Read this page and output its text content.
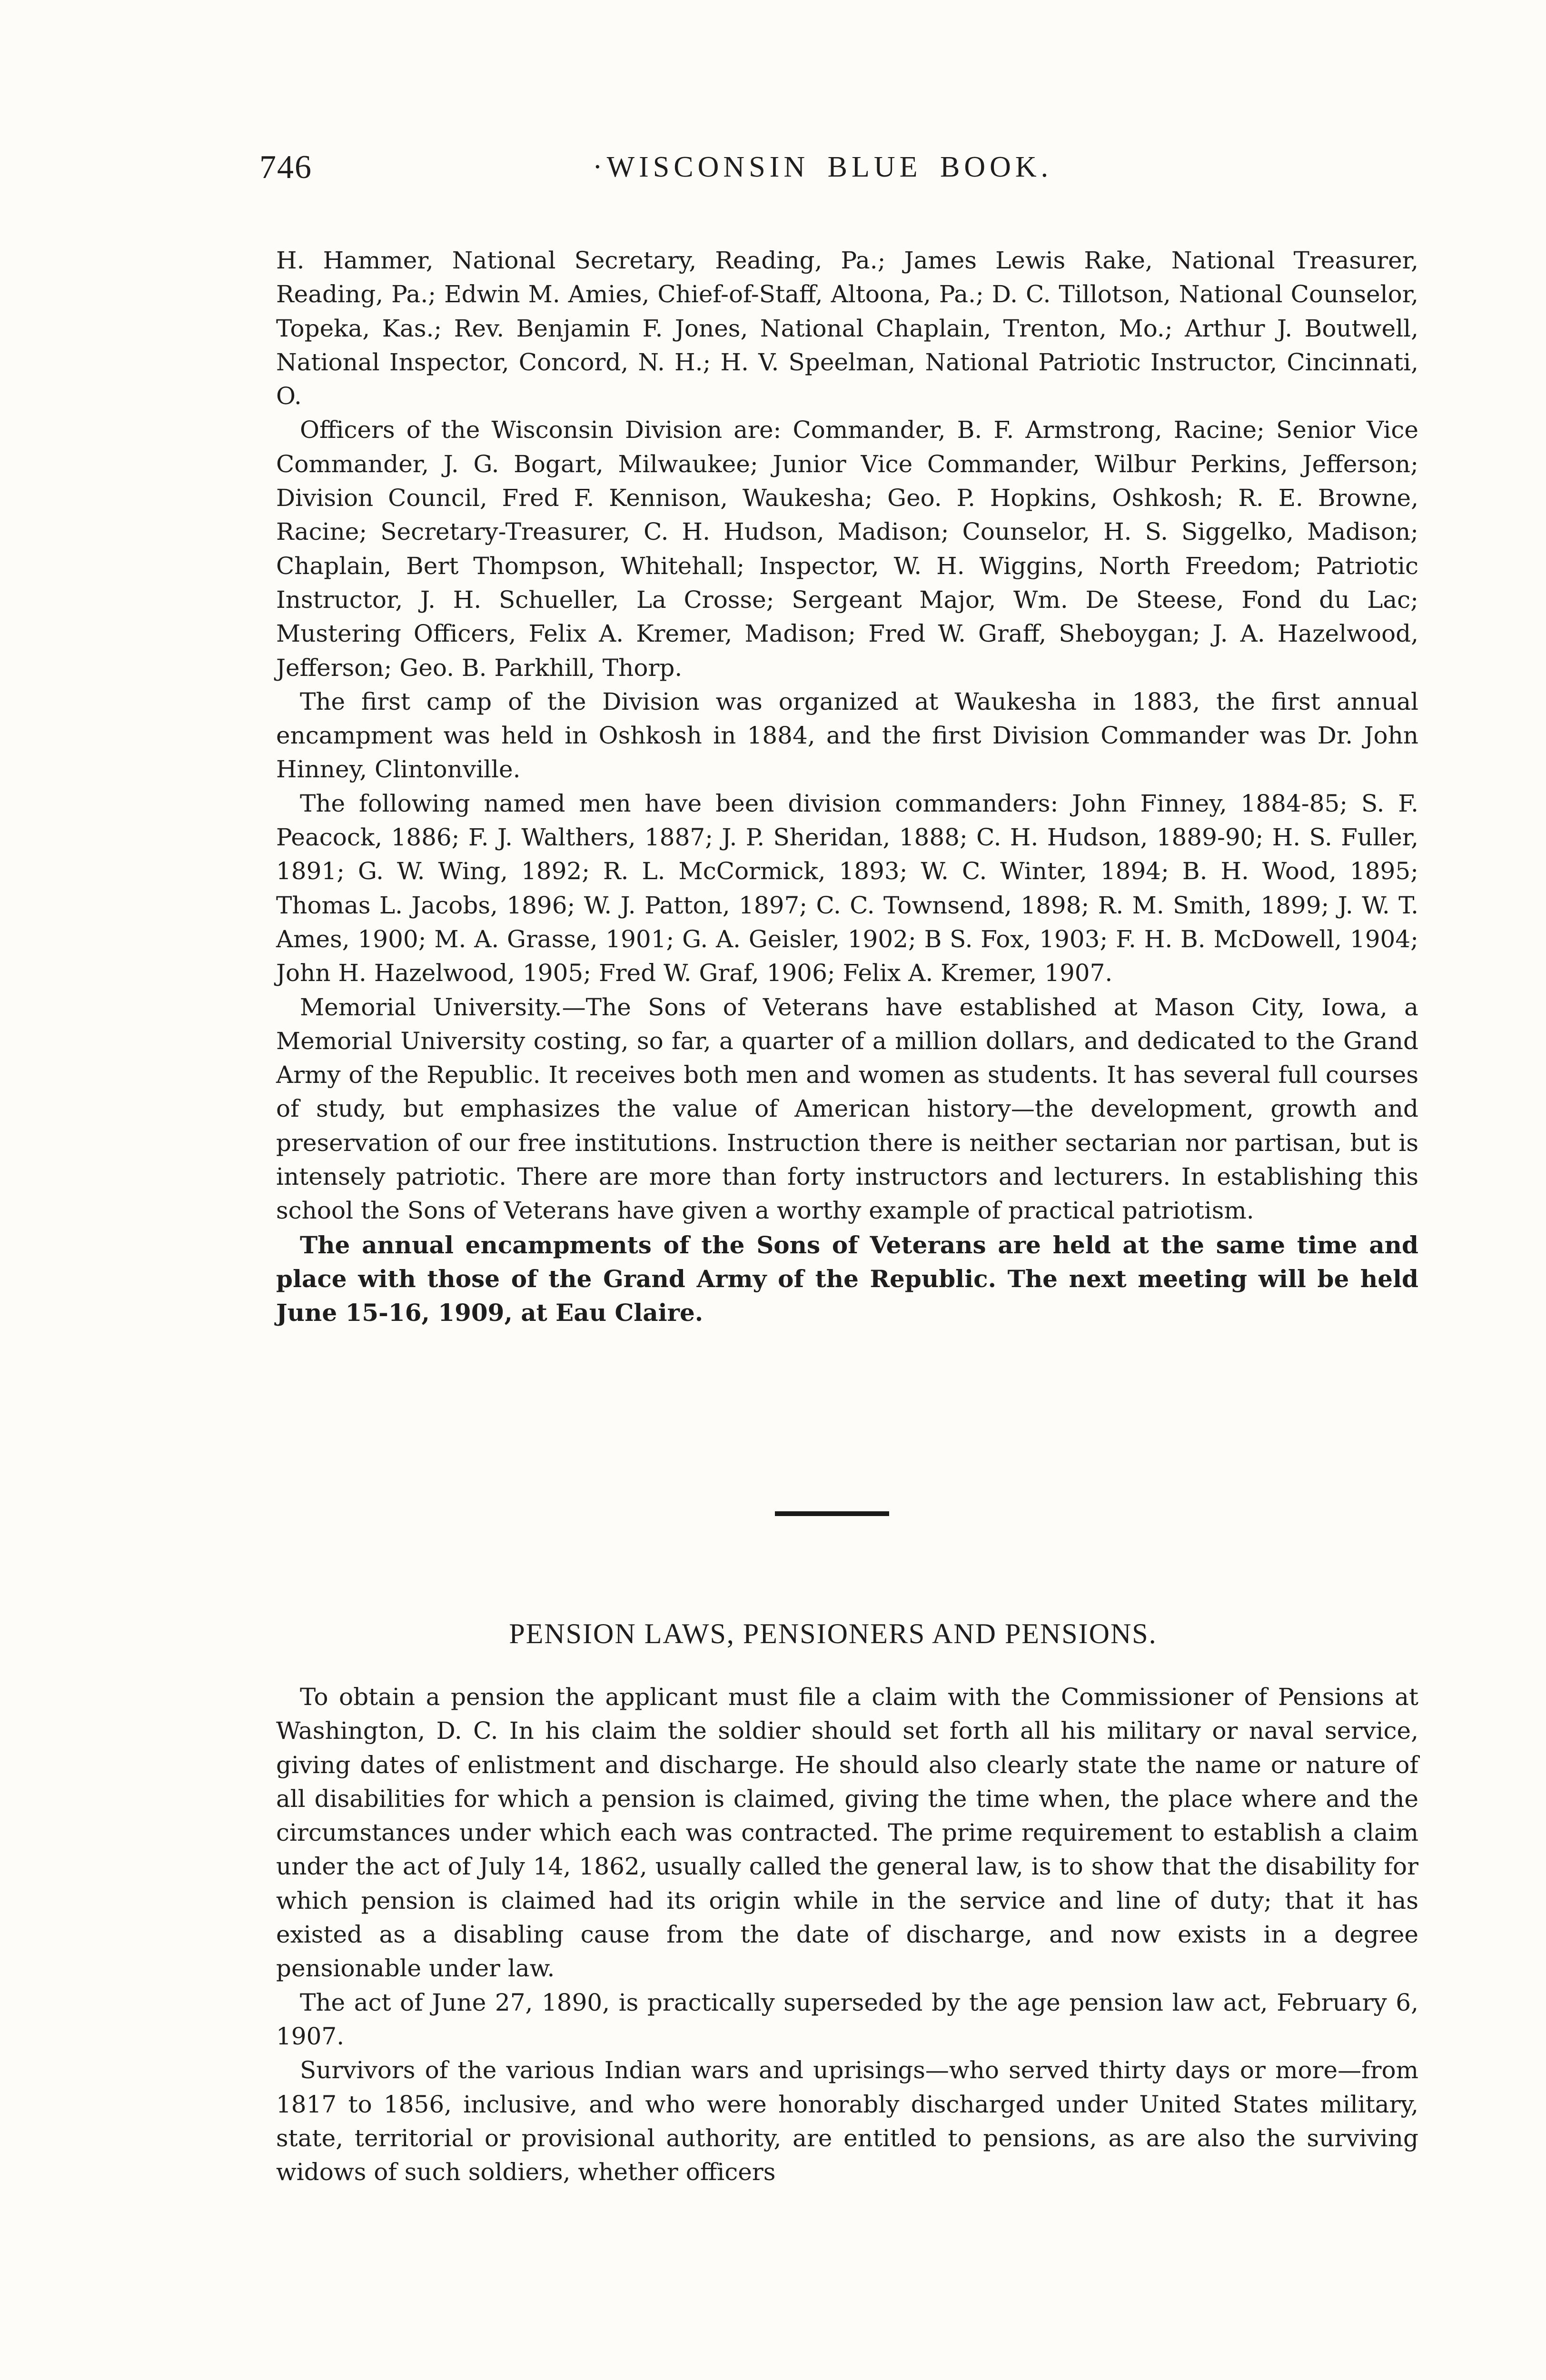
746	·WISCONSIN BLUE BOOK.

H. Hammer, National Secretary, Reading, Pa.; James Lewis Rake, National Treasurer, Reading, Pa.; Edwin M. Amies, Chief-of-Staff, Altoona, Pa.; D. C. Tillotson, National Counselor, Topeka, Kas.; Rev. Benjamin F. Jones, National Chaplain, Trenton, Mo.; Arthur J. Boutwell, National Inspector, Concord, N. H.; H. V. Speelman, National Patriotic Instructor, Cincinnati, O.

Officers of the Wisconsin Division are: Commander, B. F. Armstrong, Racine; Senior Vice Commander, J. G. Bogart, Milwaukee; Junior Vice Commander, Wilbur Perkins, Jefferson; Division Council, Fred F. Kennison, Waukesha; Geo. P. Hopkins, Oshkosh; R. E. Browne, Racine; Secretary-Treasurer, C. H. Hudson, Madison; Counselor, H. S. Siggelko, Madison; Chaplain, Bert Thompson, Whitehall; Inspector, W. H. Wiggins, North Freedom; Patriotic Instructor, J. H. Schueller, La Crosse; Sergeant Major, Wm. De Steese, Fond du Lac; Mustering Officers, Felix A. Kremer, Madison; Fred W. Graff, Sheboygan; J. A. Hazelwood, Jefferson; Geo. B. Parkhill, Thorp.

The first camp of the Division was organized at Waukesha in 1883, the first annual encampment was held in Oshkosh in 1884, and the first Division Commander was Dr. John Hinney, Clintonville.

The following named men have been division commanders: John Finney, 1884-85; S. F. Peacock, 1886; F. J. Walthers, 1887; J. P. Sheridan, 1888; C. H. Hudson, 1889-90; H. S. Fuller, 1891; G. W. Wing, 1892; R. L. McCormick, 1893; W. C. Winter, 1894; B. H. Wood, 1895; Thomas L. Jacobs, 1896; W. J. Patton, 1897; C. C. Townsend, 1898; R. M. Smith, 1899; J. W. T. Ames, 1900; M. A. Grasse, 1901; G. A. Geisler, 1902; B S. Fox, 1903; F. H. B. McDowell, 1904; John H. Hazelwood, 1905; Fred W. Graf, 1906; Felix A. Kremer, 1907.

Memorial University.—The Sons of Veterans have established at Mason City, Iowa, a Memorial University costing, so far, a quarter of a million dollars, and dedicated to the Grand Army of the Republic. It receives both men and women as students. It has several full courses of study, but emphasizes the value of American history—the development, growth and preservation of our free institutions. Instruction there is neither sectarian nor partisan, but is intensely patriotic. There are more than forty instructors and lecturers. In establishing this school the Sons of Veterans have given a worthy example of practical patriotism.

The annual encampments of the Sons of Veterans are held at the same time and place with those of the Grand Army of the Republic. The next meeting will be held June 15-16, 1909, at Eau Claire.

PENSION LAWS, PENSIONERS AND PENSIONS.

To obtain a pension the applicant must file a claim with the Commissioner of Pensions at Washington, D. C. In his claim the soldier should set forth all his military or naval service, giving dates of enlistment and discharge. He should also clearly state the name or nature of all disabilities for which a pension is claimed, giving the time when, the place where and the circumstances under which each was contracted. The prime requirement to establish a claim under the act of July 14, 1862, usually called the general law, is to show that the disability for which pension is claimed had its origin while in the service and line of duty; that it has existed as a disabling cause from the date of discharge, and now exists in a degree pensionable under law.

The act of June 27, 1890, is practically superseded by the age pension law act, February 6, 1907.

Survivors of the various Indian wars and uprisings—who served thirty days or more—from 1817 to 1856, inclusive, and who were honorably discharged under United States military, state, territorial or provisional authority, are entitled to pensions, as are also the surviving widows of such soldiers, whether officers
